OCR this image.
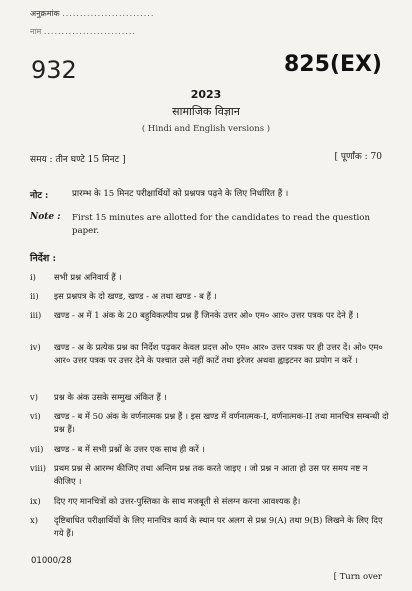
अनुक्रमांक ..........................
नाम ..........................
932	825(EX)
2023
सामाजिक विज्ञान
( Hindi and English versions )
समय : तीन घण्टे 15 मिनट ]	[ पूर्णांक : 70
नोट :	प्रारम्भ के 15 मिनट परीक्षार्थियों को प्रश्नपत्र पढ़ने के लिए निर्धारित हैं ।
Note : First 15 minutes are allotted for the candidates to read the question paper.
निर्देश :
i)	सभी प्रश्न अनिवार्य हैं ।
ii)	इस प्रश्नपत्र के दो खण्ड, खण्ड - अ तथा खण्ड - ब हैं ।
iii)	खण्ड - अ में 1 अंक के 20 बहुविकल्पीय प्रश्न हैं जिनके उत्तर ओ० एम० आर० उत्तर पत्रक पर देने हैं ।
iv)	खण्ड - अ के प्रत्येक प्रश्न का निर्देश पढ़कर केवल प्रदत्त ओ० एम० आर० उत्तर पत्रक पर ही उत्तर दें। ओ० एम० आर० उत्तर पत्रक पर उत्तर देने के पश्चात उसे नहीं काटें तथा इरेजर अथवा ह्वाइटनर का प्रयोग न करें ।
v)	प्रश्न के अंक उसके सम्मुख अंकित हैं ।
vi)	खण्ड - ब में 50 अंक के वर्णनात्मक प्रश्न हैं । इस खण्ड में वर्णनात्मक-I, वर्णनात्मक-II तथा मानचित्र सम्बन्धी दो प्रश्न हैं।
vii)	खण्ड - ब में सभी प्रश्नों के उत्तर एक साथ ही करें ।
viii) प्रथम प्रश्न से आरम्भ कीजिए तथा अन्तिम प्रश्न तक करते जाइए । जो प्रश्न न आता हो उस पर समय नष्ट न कीजिए ।
ix)	दिए गए मानचित्रों को उत्तर-पुस्तिका के साथ मजबूती से संलग्न करना आवश्यक है।
x)	दृष्टिबाधित परीक्षार्थियों के लिए मानचित्र कार्य के स्थान पर अलग से प्रश्न 9(A) तथा 9(B) लिखने के लिए दिए गये हैं।
01000/28
[ Turn over
